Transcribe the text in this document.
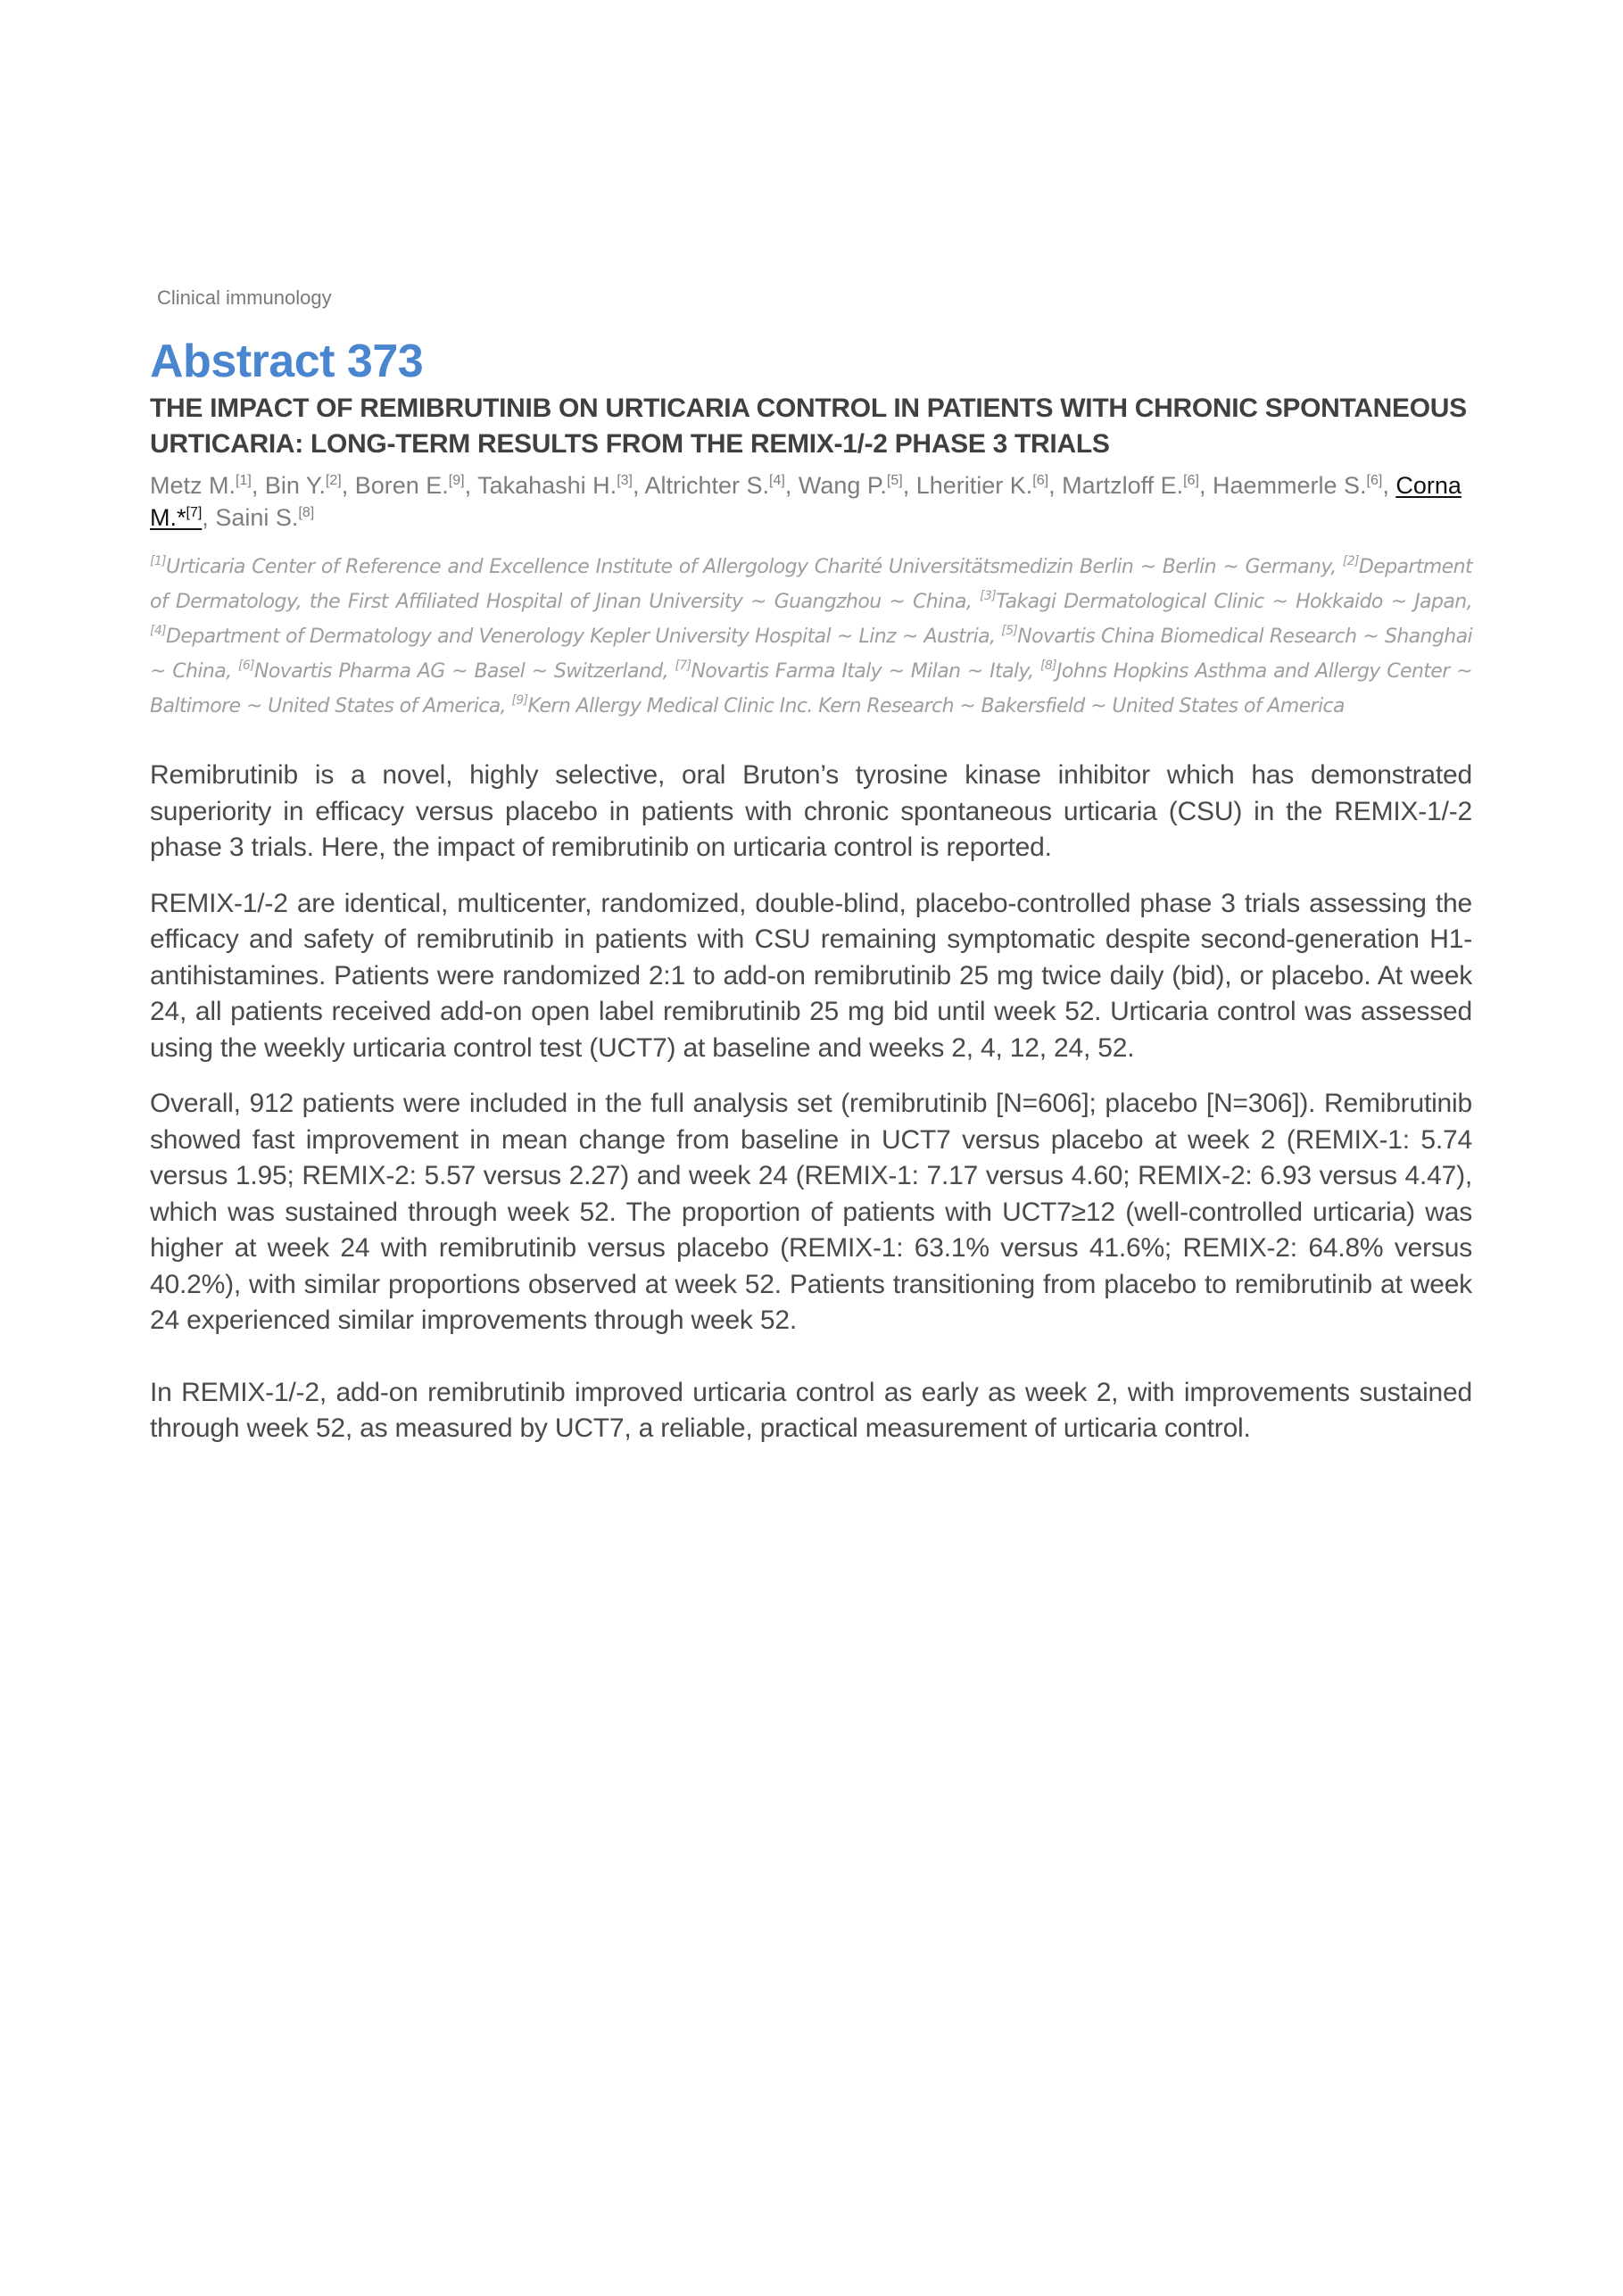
Clinical immunology
Abstract 373
THE IMPACT OF REMIBRUTINIB ON URTICARIA CONTROL IN PATIENTS WITH CHRONIC SPONTANEOUS URTICARIA: LONG-TERM RESULTS FROM THE REMIX-1/-2 PHASE 3 TRIALS
Metz M.[1], Bin Y.[2], Boren E.[9], Takahashi H.[3], Altrichter S.[4], Wang P.[5], Lheritier K.[6], Martzloff E.[6], Haemmerle S.[6], Corna M.*[7], Saini S.[8]
[1]Urticaria Center of Reference and Excellence Institute of Allergology Charité Universitätsmedizin Berlin ~ Berlin ~ Germany, [2]Department of Dermatology, the First Affiliated Hospital of Jinan University ~ Guangzhou ~ China, [3]Takagi Dermatological Clinic ~ Hokkaido ~ Japan, [4]Department of Dermatology and Venerology Kepler University Hospital ~ Linz ~ Austria, [5]Novartis China Biomedical Research ~ Shanghai ~ China, [6]Novartis Pharma AG ~ Basel ~ Switzerland, [7]Novartis Farma Italy ~ Milan ~ Italy, [8]Johns Hopkins Asthma and Allergy Center ~ Baltimore ~ United States of America, [9]Kern Allergy Medical Clinic Inc. Kern Research ~ Bakersfield ~ United States of America

Remibrutinib is a novel, highly selective, oral Bruton’s tyrosine kinase inhibitor which has demonstrated superiority in efficacy versus placebo in patients with chronic spontaneous urticaria (CSU) in the REMIX-1/-2 phase 3 trials. Here, the impact of remibrutinib on urticaria control is reported.

REMIX-1/-2 are identical, multicenter, randomized, double-blind, placebo-controlled phase 3 trials assessing the efficacy and safety of remibrutinib in patients with CSU remaining symptomatic despite second-generation H1-antihistamines. Patients were randomized 2:1 to add-on remibrutinib 25 mg twice daily (bid), or placebo. At week 24, all patients received add-on open label remibrutinib 25 mg bid until week 52. Urticaria control was assessed using the weekly urticaria control test (UCT7) at baseline and weeks 2, 4, 12, 24, 52.

Overall, 912 patients were included in the full analysis set (remibrutinib [N=606]; placebo [N=306]). Remibrutinib showed fast improvement in mean change from baseline in UCT7 versus placebo at week 2 (REMIX-1: 5.74 versus 1.95; REMIX-2: 5.57 versus 2.27) and week 24 (REMIX-1: 7.17 versus 4.60; REMIX-2: 6.93 versus 4.47), which was sustained through week 52. The proportion of patients with UCT7≥12 (well-controlled urticaria) was higher at week 24 with remibrutinib versus placebo (REMIX-1: 63.1% versus 41.6%; REMIX-2: 64.8% versus 40.2%), with similar proportions observed at week 52. Patients transitioning from placebo to remibrutinib at week 24 experienced similar improvements through week 52.

In REMIX-1/-2, add-on remibrutinib improved urticaria control as early as week 2, with improvements sustained through week 52, as measured by UCT7, a reliable, practical measurement of urticaria control.
